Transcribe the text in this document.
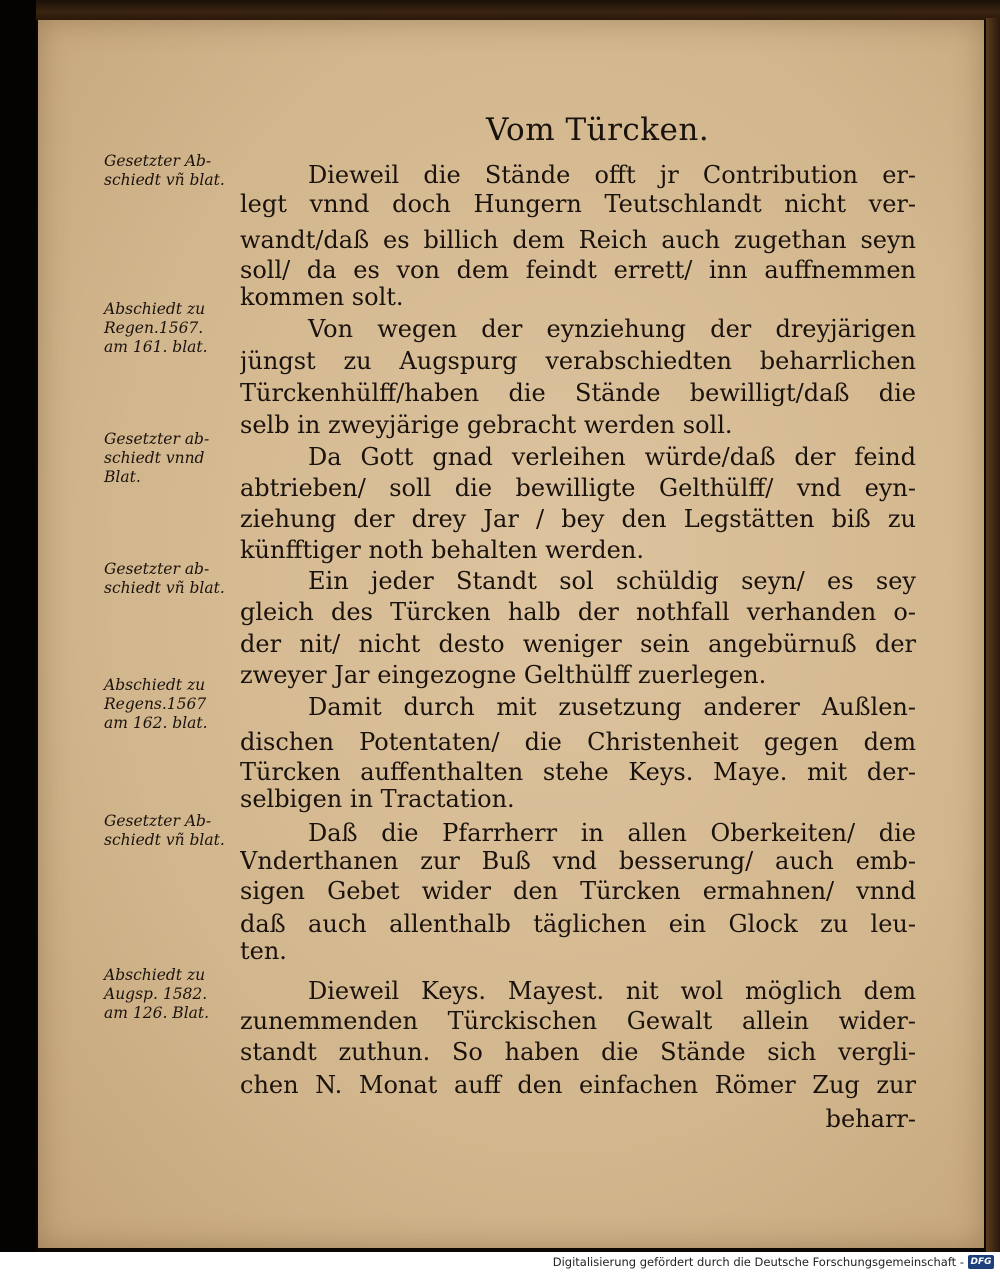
Vom Türcken.
Gesetzter Ab-
schiedt vñ blat.
Abschiedt zu
Regen.1567.
am 161. blat.
Gesetzter ab-
schiedt vnnd
Blat.
Gesetzter ab-
schiedt vñ blat.
Abschiedt zu
Regens.1567
am 162. blat.
Gesetzter Ab-
schiedt vñ blat.
Abschiedt zu
Augsp. 1582.
am 126. Blat.
Dieweil die Stände offt jr Contribution er-
legt vnnd doch Hungern Teutschlandt nicht ver-
wandt/daß es billich dem Reich auch zugethan seyn
soll/ da es von dem feindt errett/ inn auffnemmen
kommen solt.
Von wegen der eynziehung der dreyjärigen
jüngst zu Augspurg verabschiedten beharrlichen
Türckenhülff/haben die Stände bewilligt/daß die
selb in zweyjärige gebracht werden soll.
Da Gott gnad verleihen würde/daß der feind
abtrieben/ soll die bewilligte Gelthülff/ vnd eyn-
ziehung der drey Jar / bey den Legstätten biß zu
künfftiger noth behalten werden.
Ein jeder Standt sol schüldig seyn/ es sey
gleich des Türcken halb der nothfall verhanden o-
der nit/ nicht desto weniger sein angebürnuß der
zweyer Jar eingezogne Gelthülff zuerlegen.
Damit durch mit zusetzung anderer Außlen-
dischen Potentaten/ die Christenheit gegen dem
Türcken auffenthalten stehe Keys. Maye. mit der-
selbigen in Tractation.
Daß die Pfarrherr in allen Oberkeiten/ die
Vnderthanen zur Buß vnd besserung/ auch emb-
sigen Gebet wider den Türcken ermahnen/ vnnd
daß auch allenthalb täglichen ein Glock zu leu-
ten.
Dieweil Keys. Mayest. nit wol möglich dem
zunemmenden Türckischen Gewalt allein wider-
standt zuthun. So haben die Stände sich vergli-
chen N. Monat auff den einfachen Römer Zug zur
beharr-
Digitalisierung gefördert durch die Deutsche Forschungsgemeinschaft - DFG
